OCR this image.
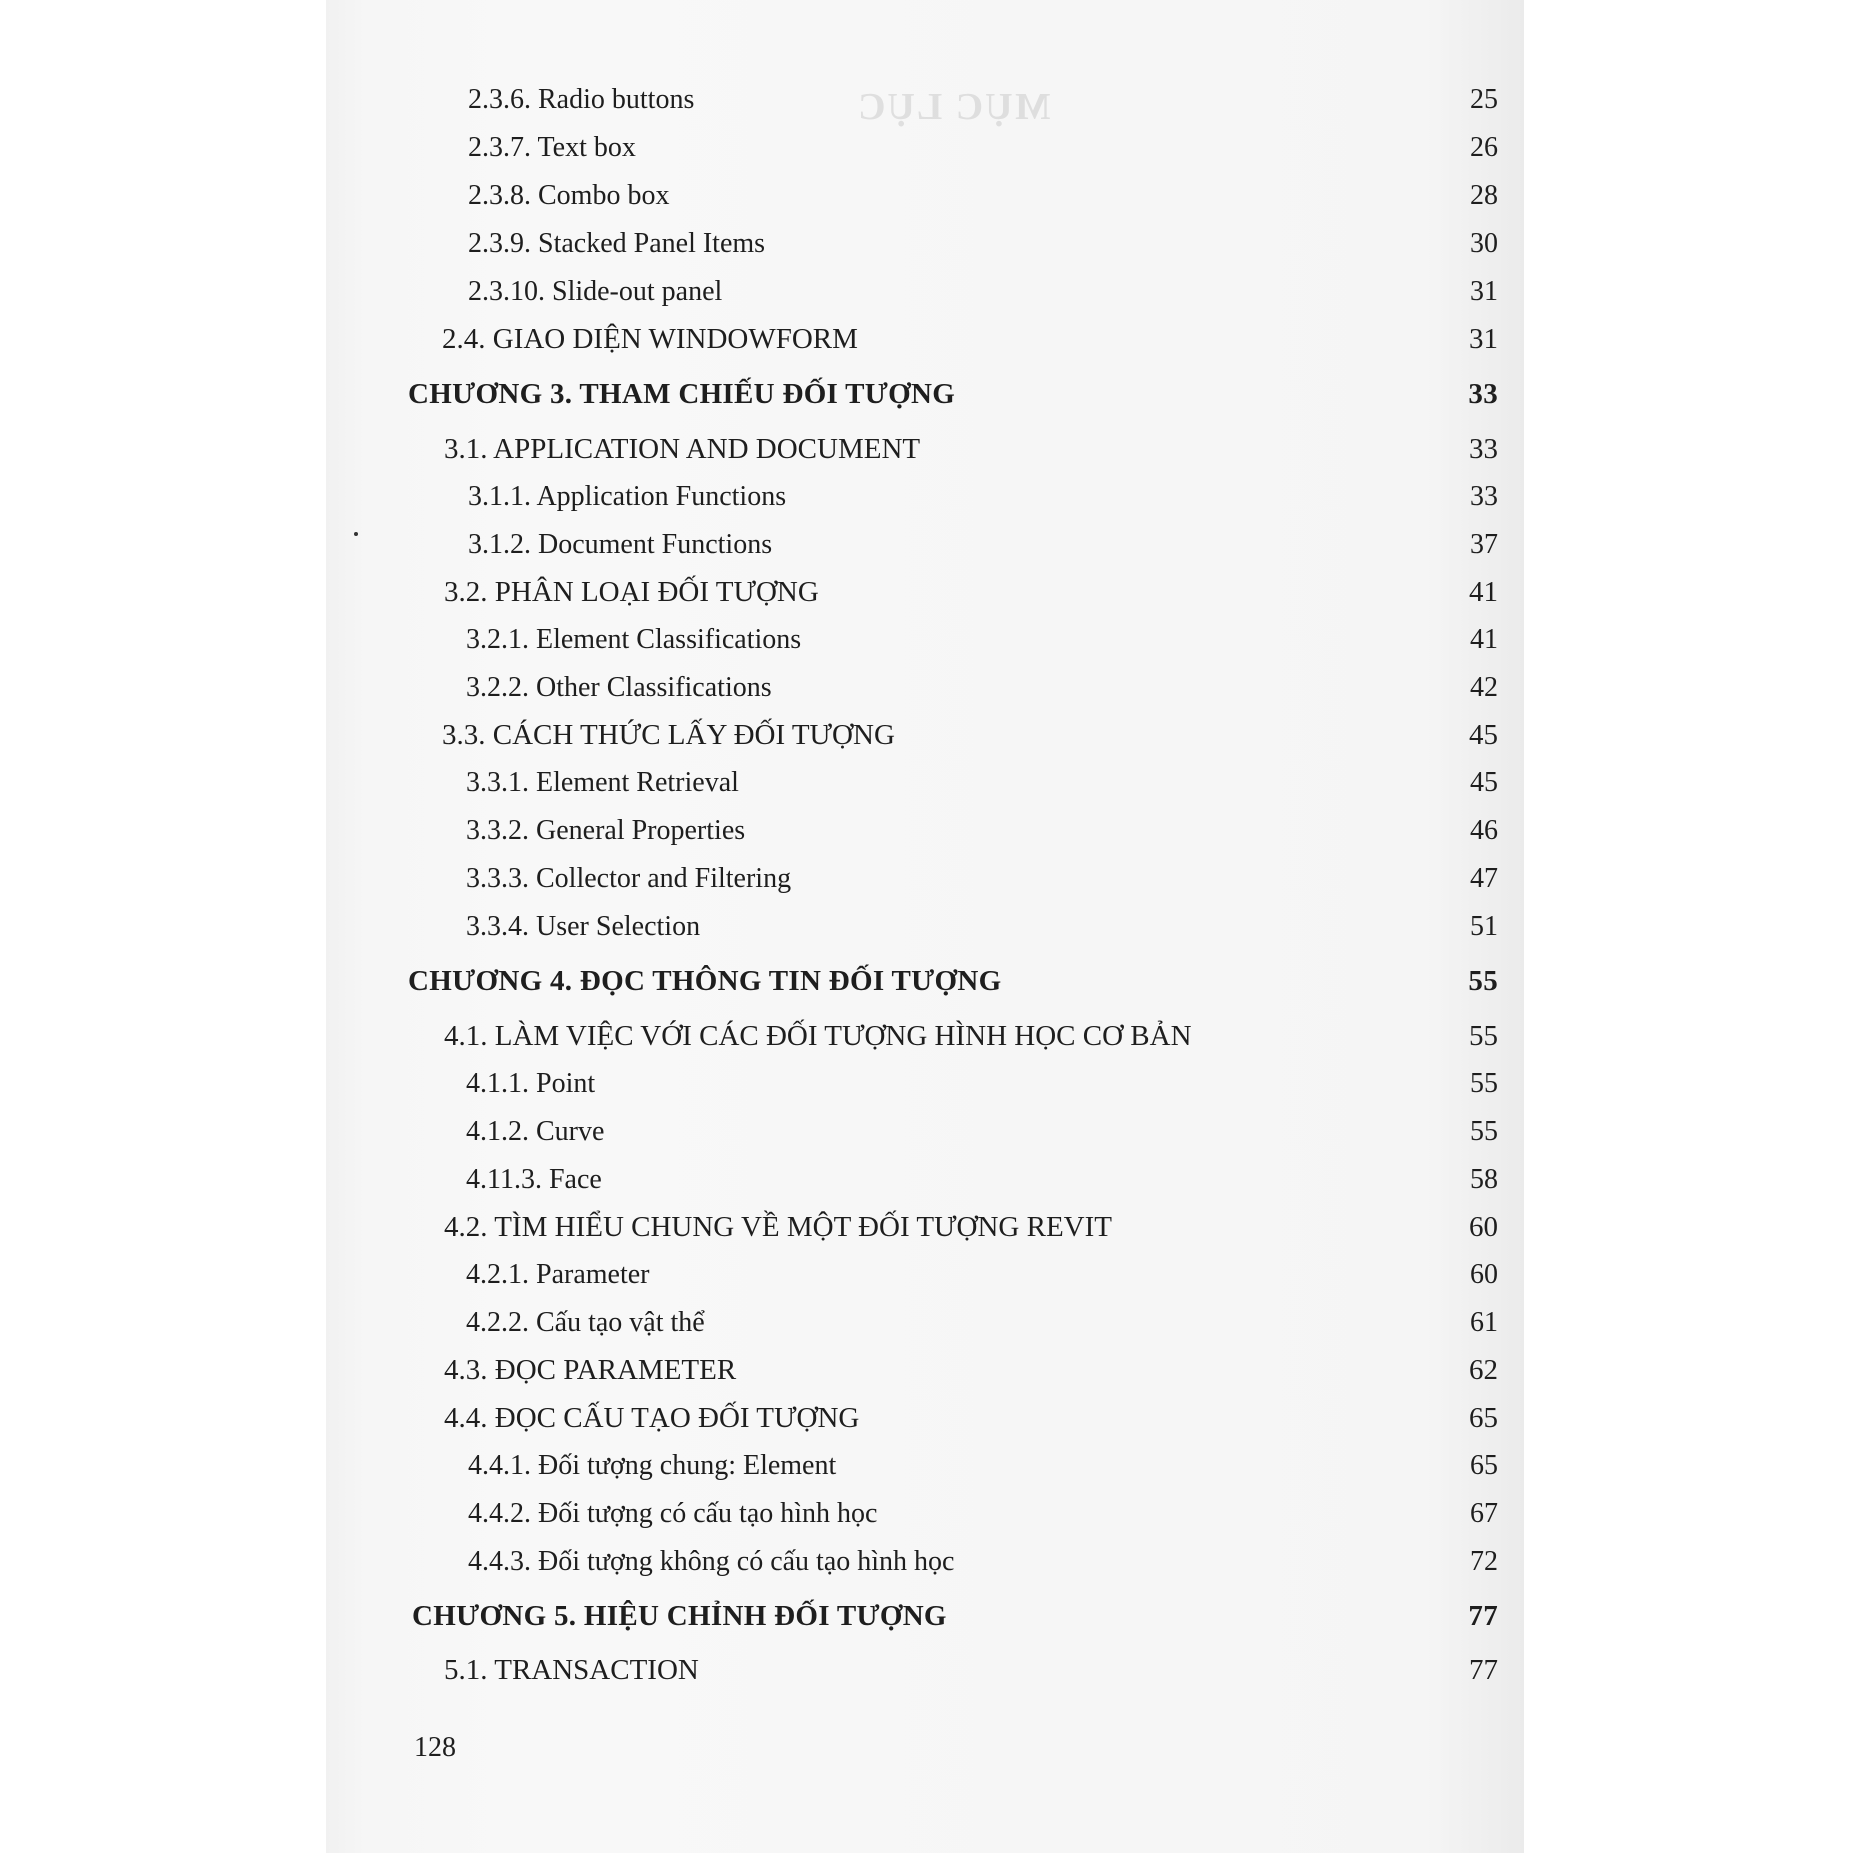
MỤC LỤC
2.3.6. Radio buttons	25
2.3.7. Text box	26
2.3.8. Combo box	28
2.3.9. Stacked Panel Items	30
2.3.10. Slide-out panel	31
2.4. GIAO DIỆN WINDOWFORM	31
CHƯƠNG 3. THAM CHIẾU ĐỐI TƯỢNG	33
3.1. APPLICATION AND DOCUMENT	33
3.1.1. Application Functions	33
3.1.2. Document Functions	37
3.2. PHÂN LOẠI ĐỐI TƯỢNG	41
3.2.1. Element Classifications	41
3.2.2. Other Classifications	42
3.3. CÁCH THỨC LẤY ĐỐI TƯỢNG	45
3.3.1. Element Retrieval	45
3.3.2. General Properties	46
3.3.3. Collector and Filtering	47
3.3.4. User Selection	51
CHƯƠNG 4. ĐỌC THÔNG TIN ĐỐI TƯỢNG	55
4.1. LÀM VIỆC VỚI CÁC ĐỐI TƯỢNG HÌNH HỌC CƠ BẢN	55
4.1.1. Point	55
4.1.2. Curve	55
4.11.3. Face	58
4.2. TÌM HIỂU CHUNG VỀ MỘT ĐỐI TƯỢNG REVIT	60
4.2.1. Parameter	60
4.2.2. Cấu tạo vật thể	61
4.3. ĐỌC PARAMETER	62
4.4. ĐỌC CẤU TẠO ĐỐI TƯỢNG	65
4.4.1. Đối tượng chung: Element	65
4.4.2. Đối tượng có cấu tạo hình học	67
4.4.3. Đối tượng không có cấu tạo hình học	72
CHƯƠNG 5. HIỆU CHỈNH ĐỐI TƯỢNG	77
5.1. TRANSACTION	77
128
